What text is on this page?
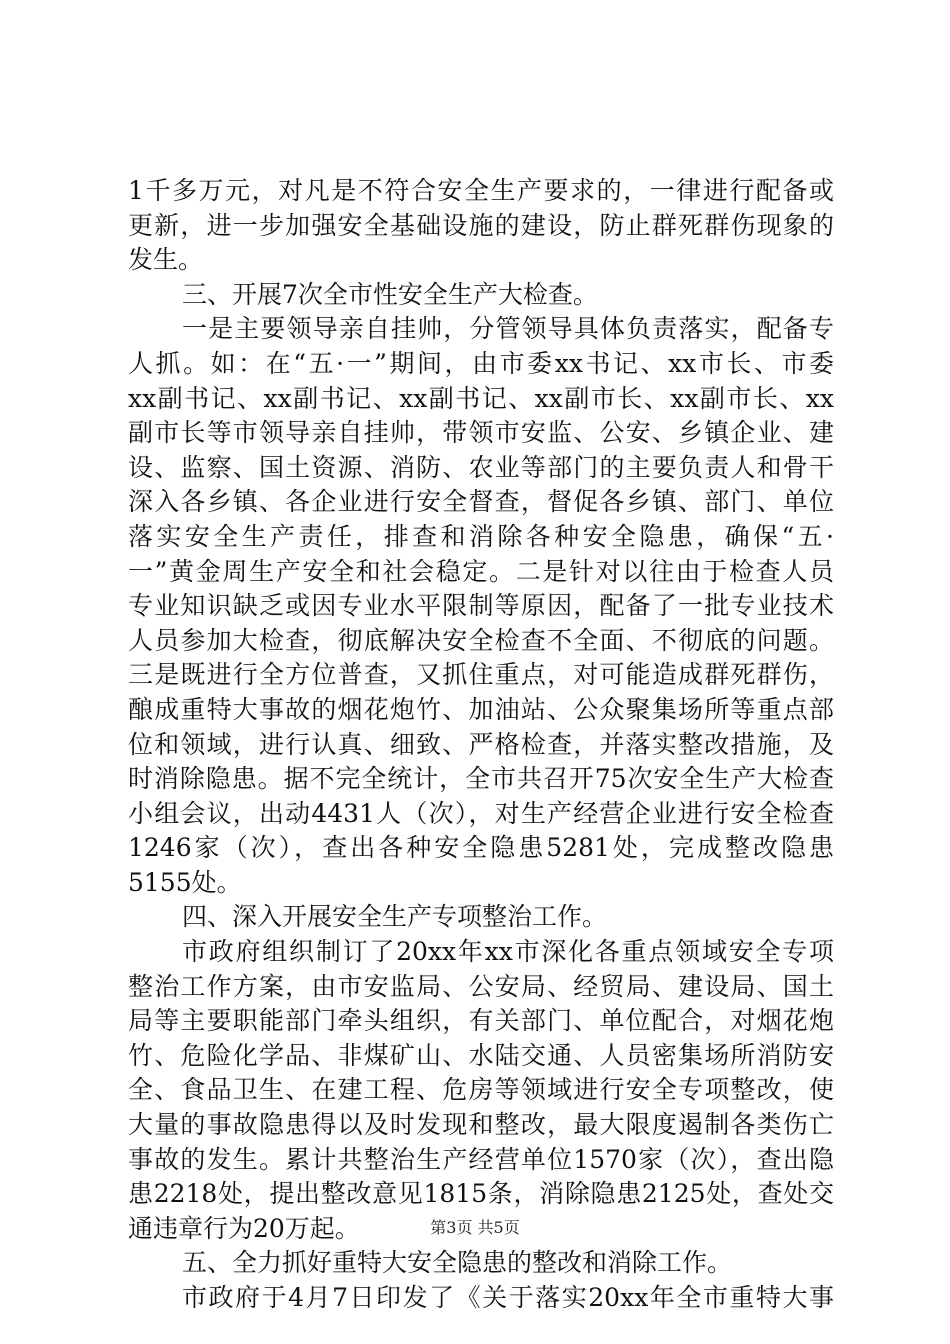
1千多万元，对凡是不符合安全生产要求的，一律进行配备或
更新，进一步加强安全基础设施的建设，防止群死群伤现象的
发生。
三、开展7次全市性安全生产大检查。
一是主要领导亲自挂帅，分管领导具体负责落实，配备专
人抓。如：在“五·一”期间，由市委xx书记、xx市长、市委
xx副书记、xx副书记、xx副书记、xx副市长、xx副市长、xx
副市长等市领导亲自挂帅，带领市安监、公安、乡镇企业、建
设、监察、国土资源、消防、农业等部门的主要负责人和骨干
深入各乡镇、各企业进行安全督查，督促各乡镇、部门、单位
落实安全生产责任，排查和消除各种安全隐患，确保“五·
一”黄金周生产安全和社会稳定。二是针对以往由于检查人员
专业知识缺乏或因专业水平限制等原因，配备了一批专业技术
人员参加大检查，彻底解决安全检查不全面、不彻底的问题。
三是既进行全方位普查，又抓住重点，对可能造成群死群伤，
酿成重特大事故的烟花炮竹、加油站、公众聚集场所等重点部
位和领域，进行认真、细致、严格检查，并落实整改措施，及
时消除隐患。据不完全统计，全市共召开75次安全生产大检查
小组会议，出动4431人（次），对生产经营企业进行安全检查
1246家（次），查出各种安全隐患5281处，完成整改隐患
5155处。
四、深入开展安全生产专项整治工作。
市政府组织制订了20xx年xx市深化各重点领域安全专项
整治工作方案，由市安监局、公安局、经贸局、建设局、国土
局等主要职能部门牵头组织，有关部门、单位配合，对烟花炮
竹、危险化学品、非煤矿山、水陆交通、人员密集场所消防安
全、食品卫生、在建工程、危房等领域进行安全专项整改，使
大量的事故隐患得以及时发现和整改，最大限度遏制各类伤亡
事故的发生。累计共整治生产经营单位1570家（次），查出隐
患2218处，提出整改意见1815条，消除隐患2125处，查处交
通违章行为20万起。
五、全力抓好重特大安全隐患的整改和消除工作。
市政府于4月7日印发了《关于落实20xx年全市重特大事
第3页 共5页
